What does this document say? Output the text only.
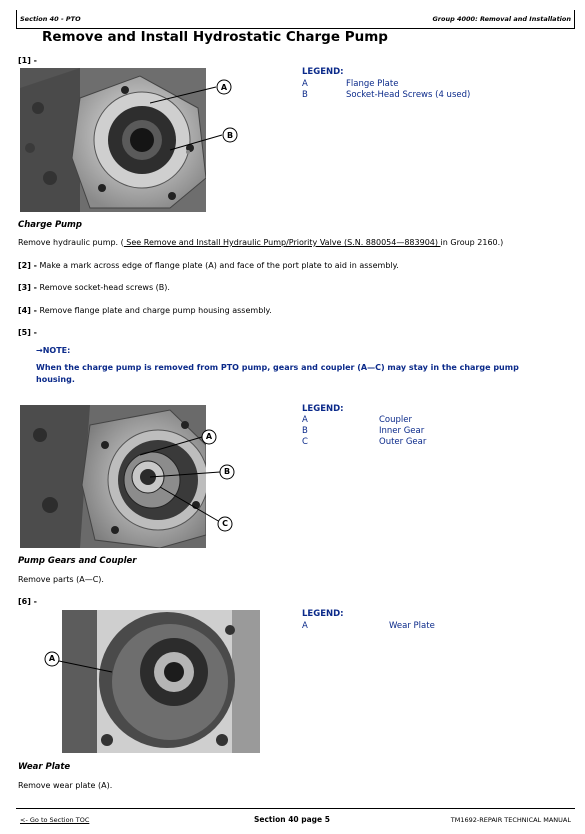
Section 40 - PTO	Group 4000: Removal and Installation
Remove and Install Hydrostatic Charge Pump
[1] -
A
B
LEGEND:
A	Flange Plate
B	Socket-Head Screws (4 used)
Charge Pump
Remove hydraulic pump. ( See Remove and Install Hydraulic Pump/Priority Valve (S.N. 880054—883904) in Group 2160.)
[2] - Make a mark across edge of flange plate (A) and face of the port plate to aid in assembly.
[3] - Remove socket-head screws (B).
[4] - Remove flange plate and charge pump housing assembly.
[5] -
→NOTE:
When the charge pump is removed from PTO pump, gears and coupler (A—C) may stay in the charge pump housing.
A
B
C
LEGEND:
A	Coupler
B	Inner Gear
C	Outer Gear
Pump Gears and Coupler
Remove parts (A—C).
[6] -
A
LEGEND:
A	Wear Plate
Wear Plate
Remove wear plate (A).
<- Go to Section TOC	Section 40 page 5	TM1692-REPAIR TECHNICAL MANUAL
